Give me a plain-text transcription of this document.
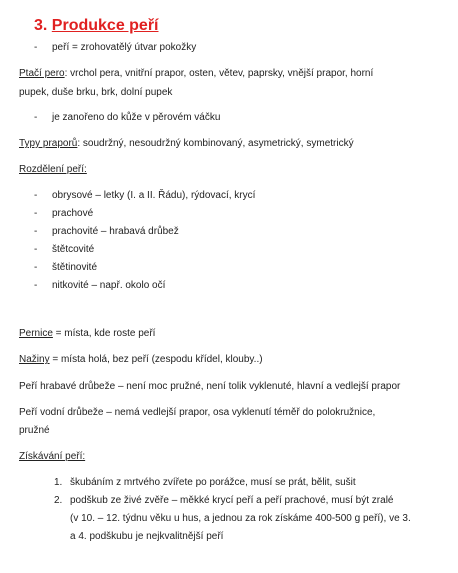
3. Produkce peří
- peří = zrohovatělý útvar pokožky
Ptačí pero: vrchol pera, vnitřní prapor, osten, větev, paprsky, vnější prapor, horní
pupek, duše brku, brk, dolní pupek
- je zanořeno do kůže v pěrovém váčku
Typy praporů: soudržný, nesoudržný kombinovaný, asymetrický, symetrický
Rozdělení peří:
- obrysové – letky (I. a II. Řádu), rýdovací, krycí
- prachové
- prachovité – hrabavá drůbež
- štětcovité
- štětinovité
- nitkovité – např. okolo očí
Pernice = místa, kde roste peří
Nažiny = místa holá, bez peří (zespodu křídel, klouby..)
Peří hrabavé drůbeže – není moc pružné, není tolik vyklenuté, hlavní a vedlejší prapor
Peří vodní drůbeže – nemá vedlejší prapor, osa vyklenutí téměř do polokružnice,
pružné
Získávání peří:
1. škubáním z mrtvého zvířete po porážce, musí se prát, bělit, sušit
2. podškub ze živé zvěře – měkké krycí peří a peří prachové, musí být zralé
(v 10. – 12. týdnu věku u hus, a jednou za rok získáme 400-500 g peří), ve 3.
a 4. podškubu je nejkvalitnější peří
